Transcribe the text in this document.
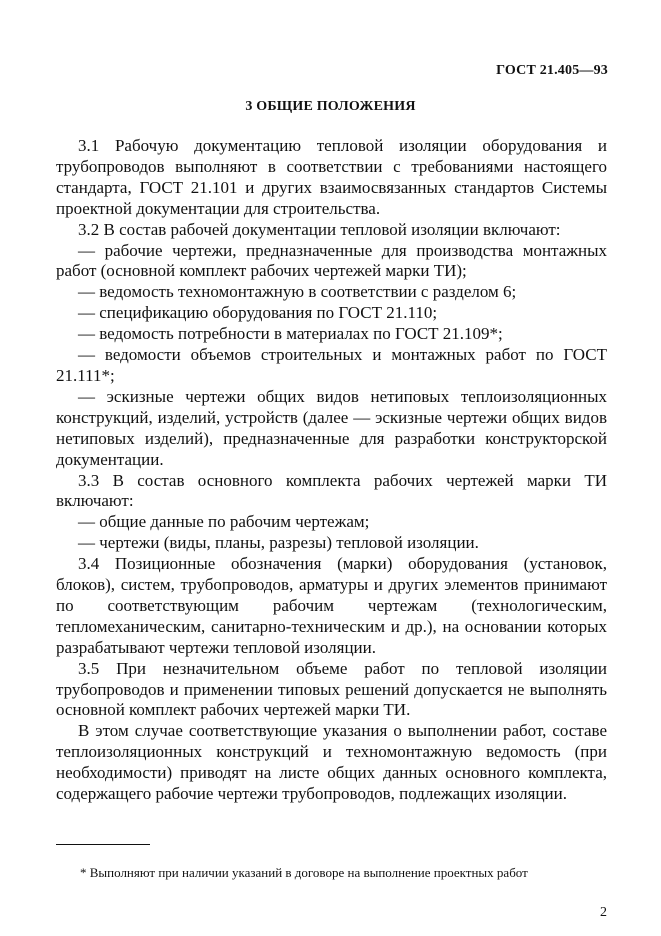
ГОСТ 21.405—93
3 ОБЩИЕ ПОЛОЖЕНИЯ

3.1 Рабочую документацию тепловой изоляции оборудования и трубопроводов выполняют в соответствии с требованиями настоящего стандарта, ГОСТ 21.101 и других взаимосвязанных стандартов Системы проектной документации для строительства.

3.2 В состав рабочей документации тепловой изоляции включают:

— рабочие чертежи, предназначенные для производства монтажных работ (основной комплект рабочих чертежей марки ТИ);

— ведомость техномонтажную в соответствии с разделом 6;

— спецификацию оборудования по ГОСТ 21.110;

— ведомость потребности в материалах по ГОСТ 21.109*;

— ведомости объемов строительных и монтажных работ по ГОСТ 21.111*;

— эскизные чертежи общих видов нетиповых теплоизоляционных конструкций, изделий, устройств (далее — эскизные чертежи общих видов нетиповых изделий), предназначенные для разработки конструкторской документации.

3.3 В состав основного комплекта рабочих чертежей марки ТИ включают:

— общие данные по рабочим чертежам;

— чертежи (виды, планы, разрезы) тепловой изоляции.

3.4 Позиционные обозначения (марки) оборудования (установок, блоков), систем, трубопроводов, арматуры и других элементов принимают по соответствующим рабочим чертежам (технологическим, тепломеханическим, санитарно-техническим и др.), на основании которых разрабатывают чертежи тепловой изоляции.

3.5 При незначительном объеме работ по тепловой изоляции трубопроводов и применении типовых решений допускается не выполнять основной комплект рабочих чертежей марки ТИ.

В этом случае соответствующие указания о выполнении работ, составе теплоизоляционных конструкций и техномонтажную ведомость (при необходимости) приводят на листе общих данных основного комплекта, содержащего рабочие чертежи трубопроводов, подлежащих изоляции.

* Выполняют при наличии указаний в договоре на выполнение проектных работ
2
